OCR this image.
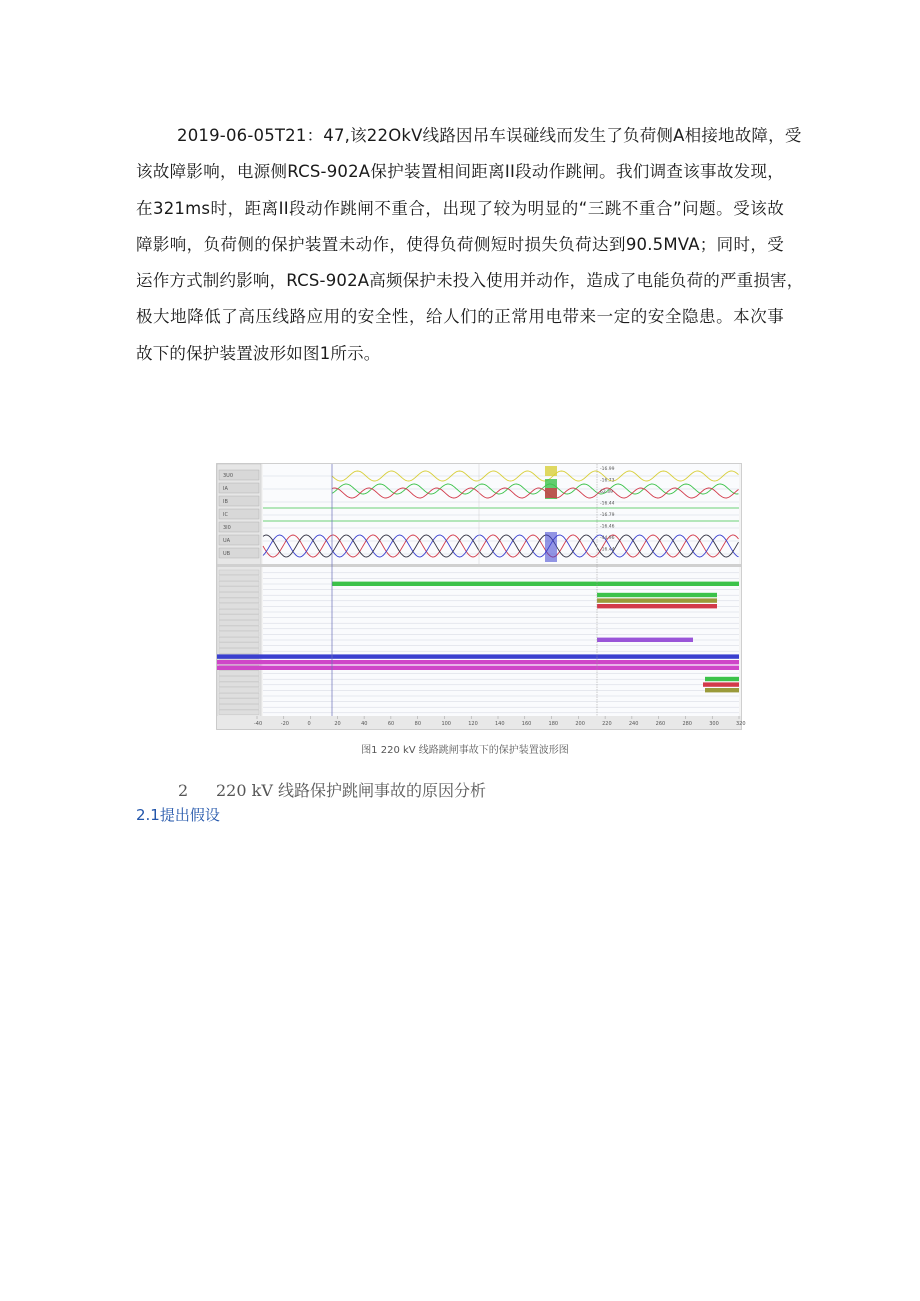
2019-06-05T21：47,该22OkV线路因吊车误碰线而发生了负荷侧A相接地故障，受
该故障影响，电源侧RCS-902A保护装置相间距离II段动作跳闸。我们调查该事故发现，
在321ms时，距离II段动作跳闸不重合，出现了较为明显的“三跳不重合”问题。受该故
障影响，负荷侧的保护装置未动作，使得负荷侧短时损失负荷达到90.5MVA；同时，受
运作方式制约影响，RCS-902A高频保护未投入使用并动作，造成了电能负荷的严重损害，
极大地降低了高压线路应用的安全性，给人们的正常用电带来一定的安全隐患。本次事
故下的保护装置波形如图1所示。
3U0
IA
IB
IC
3I0
UA
UB
-16.99
-16.73
62.39
-16.44
-16.79
-16.46
-44.96
-16.44
-40	-20	0	20	40	60	80	100	120	140	160	180	200	220	240	260	280	300	320
图1 220 kV 线路跳闸事故下的保护装置波形图
2 220 kV 线路保护跳闸事故的原因分析
2.1提出假设
